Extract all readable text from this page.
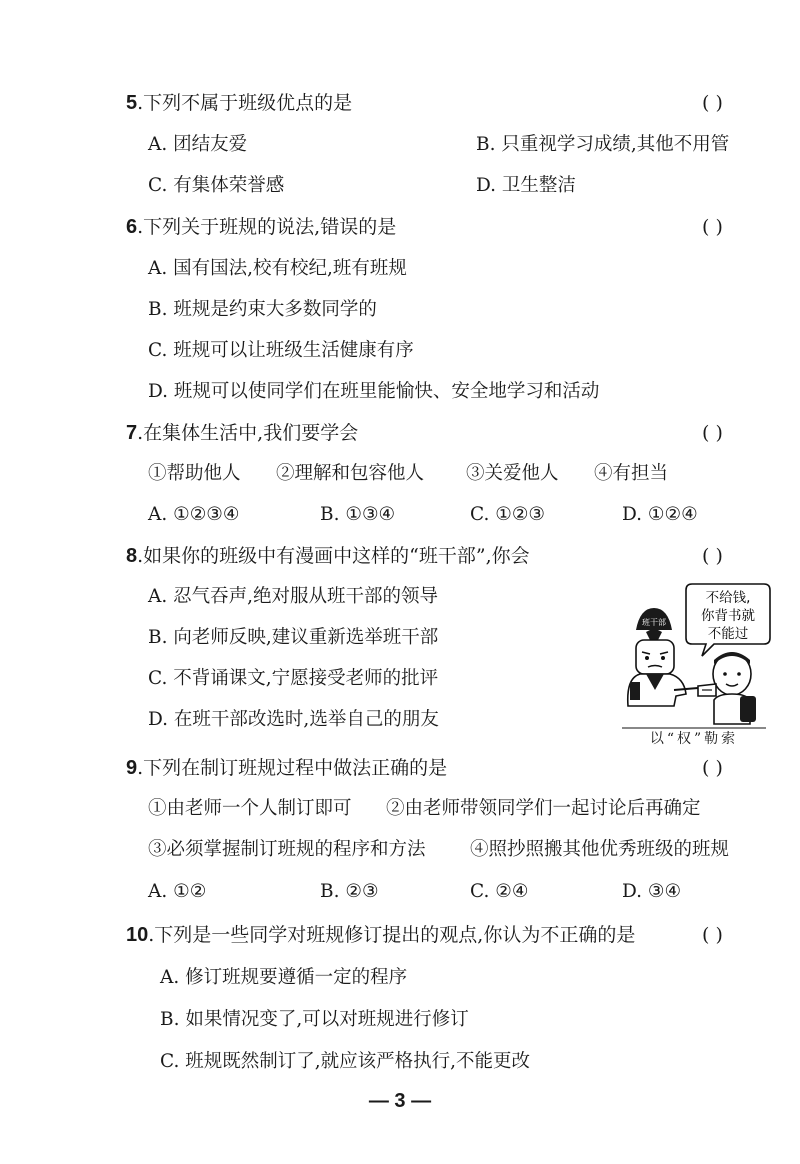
5.下列不属于班级优点的是	( )
A. 团结友爱	B. 只重视学习成绩,其他不用管
C. 有集体荣誉感	D. 卫生整洁
6.下列关于班规的说法,错误的是	( )
A. 国有国法,校有校纪,班有班规
B. 班规是约束大多数同学的
C. 班规可以让班级生活健康有序
D. 班规可以使同学们在班里能愉快、安全地学习和活动
7.在集体生活中,我们要学会	( )
①帮助他人 ②理解和包容他人 ③关爱他人 ④有担当
A. ①②③④	B. ①③④	C. ①②③	D. ①②④
8.如果你的班级中有漫画中这样的“班干部”,你会	( )
A. 忍气吞声,绝对服从班干部的领导
B. 向老师反映,建议重新选举班干部
C. 不背诵课文,宁愿接受老师的批评
D. 在班干部改选时,选举自己的朋友
不给钱,
你背书就
不能过
班干部
以“权”勒索
9.下列在制订班规过程中做法正确的是	( )
①由老师一个人制订即可 ②由老师带领同学们一起讨论后再确定
③必须掌握制订班规的程序和方法 ④照抄照搬其他优秀班级的班规
A. ①②	B. ②③	C. ②④	D. ③④
10.下列是一些同学对班规修订提出的观点,你认为不正确的是	( )
A. 修订班规要遵循一定的程序
B. 如果情况变了,可以对班规进行修订
C. 班规既然制订了,就应该严格执行,不能更改
— 3 —
